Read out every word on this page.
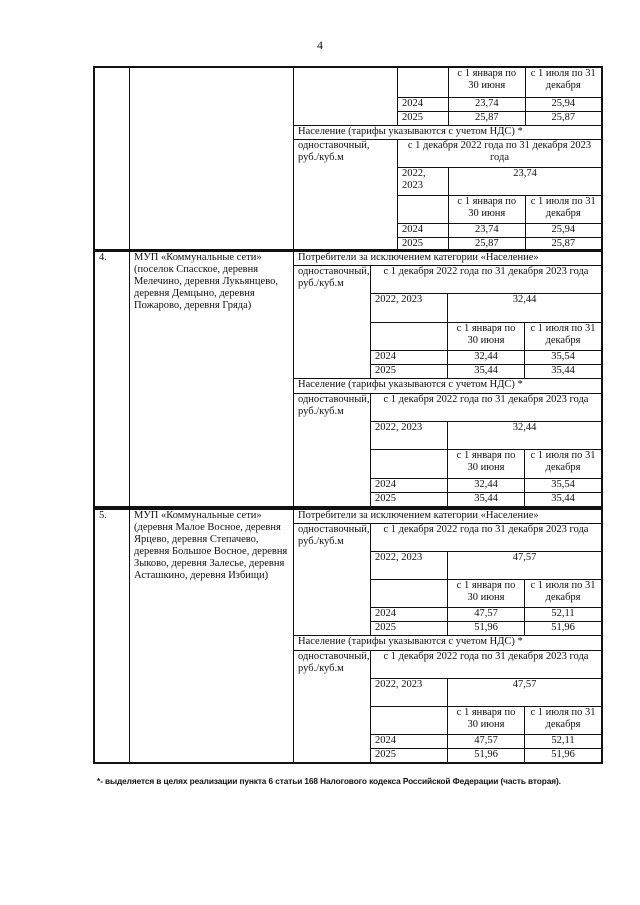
4
				с 1 января по 30 июня	с 1 июля по 31 декабря
			2024	23,74	25,94
			2025	25,87	25,87
		Население (тарифы указываются с учетом НДС) *			
		одноставочный, руб./куб.м	с 1 декабря 2022 года по 31 декабря 2023 года		
			2022, 2023	23,74	
				с 1 января по 30 июня	с 1 июля по 31 декабря
			2024	23,74	25,94
			2025	25,87	25,87
4.	МУП «Коммунальные сети» (поселок Спасское, деревня Мелечино, деревня Лукьянцево, деревня Демцыно, деревня Пожарово, деревня Гряда)	Потребители за исключением категории «Население»			
		одноставочный, руб./куб.м	с 1 декабря 2022 года по 31 декабря 2023 года		
			2022, 2023	32,44	
				с 1 января по 30 июня	с 1 июля по 31 декабря
			2024	32,44	35,54
			2025	35,44	35,44
		Население (тарифы указываются с учетом НДС) *			
		одноставочный, руб./куб.м	с 1 декабря 2022 года по 31 декабря 2023 года		
			2022, 2023	32,44	
				с 1 января по 30 июня	с 1 июля по 31 декабря
			2024	32,44	35,54
			2025	35,44	35,44
5.	МУП «Коммунальные сети» (деревня Малое Восное, деревня Ярцево, деревня Степачево, деревня Большое Восное, деревня Зыково, деревня Залесье, деревня Асташкино, деревня Избищи)	Потребители за исключением категории «Население»			
		одноставочный, руб./куб.м	с 1 декабря 2022 года по 31 декабря 2023 года		
			2022, 2023	47,57	
				с 1 января по 30 июня	с 1 июля по 31 декабря
			2024	47,57	52,11
			2025	51,96	51,96
		Население (тарифы указываются с учетом НДС) *			
		одноставочный, руб./куб.м	с 1 декабря 2022 года по 31 декабря 2023 года		
			2022, 2023	47,57	
				с 1 января по 30 июня	с 1 июля по 31 декабря
			2024	47,57	52,11
			2025	51,96	51,96
*- выделяется в целях реализации пункта 6 статьи 168 Налогового кодекса Российской Федерации (часть вторая).
